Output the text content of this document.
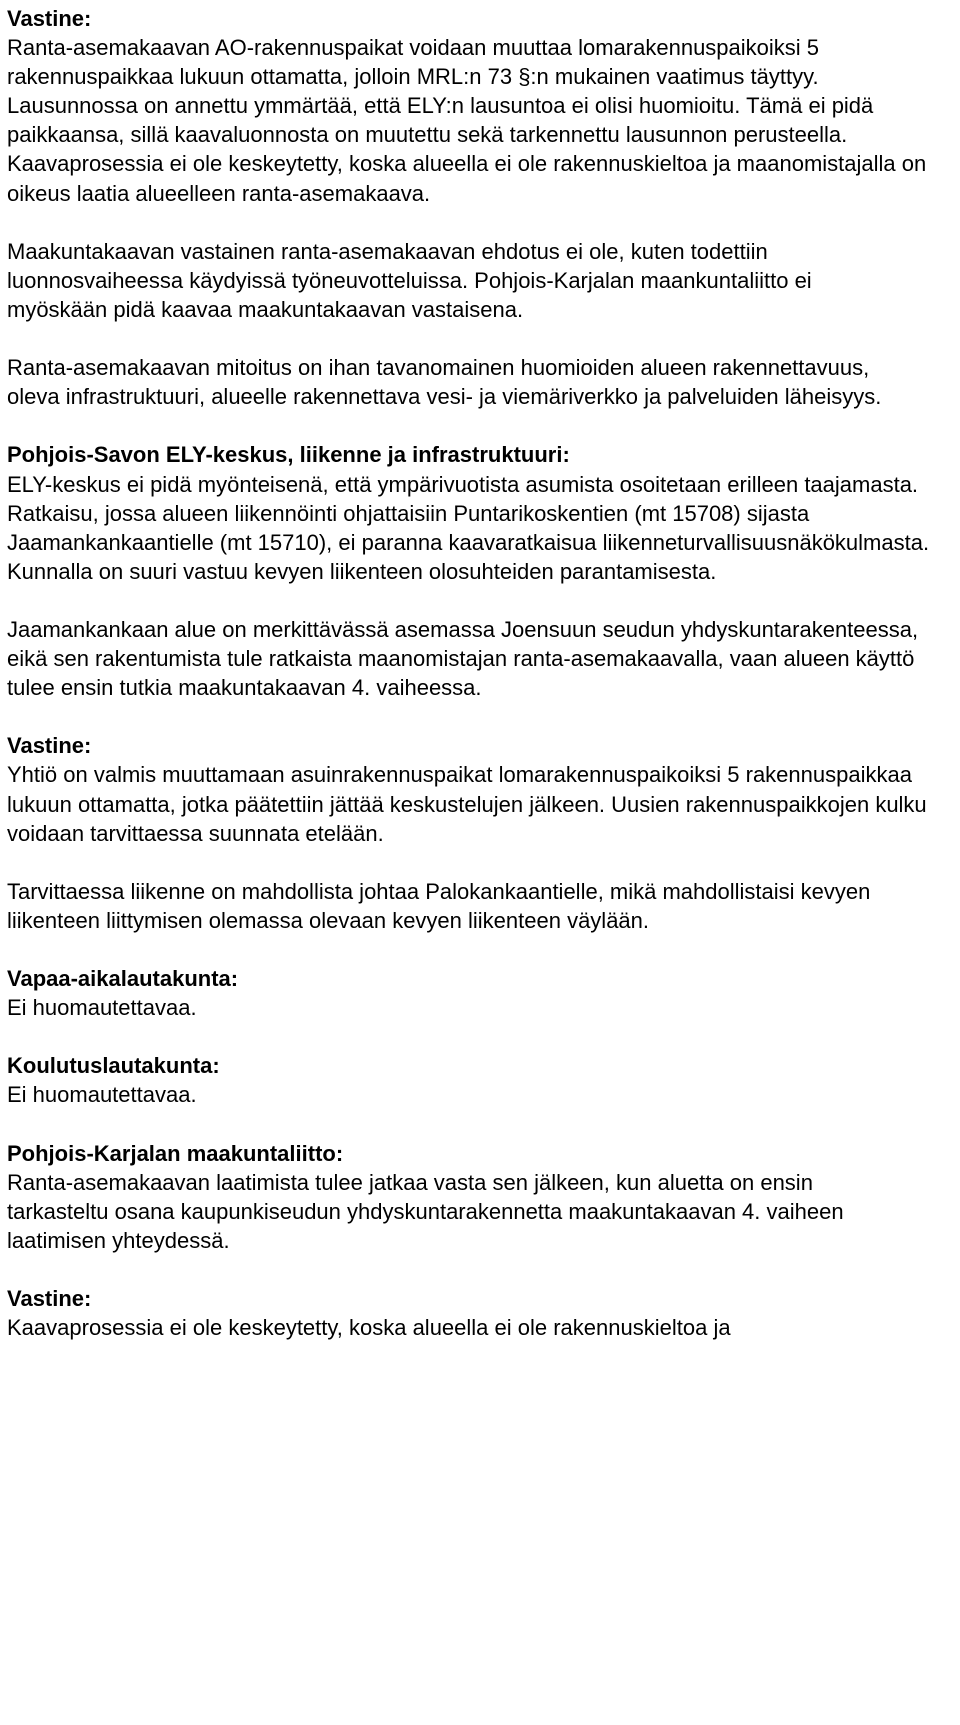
Vastine:
Ranta-asemakaavan AO-rakennuspaikat voidaan muuttaa lomarakennuspaikoiksi 5 rakennuspaikkaa lukuun ottamatta, jolloin MRL:n 73 §:n mukainen vaatimus täyttyy. Lausunnossa on annettu ymmärtää, että ELY:n lausuntoa ei olisi huomioitu. Tämä ei pidä paikkaansa, sillä kaavaluonnosta on muutettu sekä tarkennettu lausunnon perusteella. Kaavaprosessia ei ole keskeytetty, koska alueella ei ole rakennuskieltoa ja maanomistajalla on oikeus laatia alueelleen ranta-asemakaava.
Maakuntakaavan vastainen ranta-asemakaavan ehdotus ei ole, kuten todettiin luonnosvaiheessa käydyissä työneuvotteluissa. Pohjois-Karjalan maankuntaliitto ei myöskään pidä kaavaa maakuntakaavan vastaisena.
Ranta-asemakaavan mitoitus on ihan tavanomainen huomioiden alueen rakennettavuus, oleva infrastruktuuri, alueelle rakennettava vesi- ja viemäriverkko ja palveluiden läheisyys.
Pohjois-Savon ELY-keskus, liikenne ja infrastruktuuri:
ELY-keskus ei pidä myönteisenä, että ympärivuotista asumista osoitetaan erilleen taajamasta. Ratkaisu, jossa alueen liikennöinti ohjattaisiin Puntarikoskentien (mt 15708) sijasta Jaamankankaantielle (mt 15710), ei paranna kaavaratkaisua liikenneturvallisuusnäkökulmasta. Kunnalla on suuri vastuu kevyen liikenteen olosuhteiden parantamisesta.
Jaamankankaan alue on merkittävässä asemassa Joensuun seudun yhdyskuntarakenteessa, eikä sen rakentumista tule ratkaista maanomistajan ranta-asemakaavalla, vaan alueen käyttö tulee ensin tutkia maakuntakaavan 4. vaiheessa.
Vastine:
Yhtiö on valmis muuttamaan asuinrakennuspaikat lomarakennuspaikoiksi 5 rakennuspaikkaa lukuun ottamatta, jotka päätettiin jättää keskustelujen jälkeen. Uusien rakennuspaikkojen kulku voidaan tarvittaessa suunnata etelään.
Tarvittaessa liikenne on mahdollista johtaa Palokankaantielle, mikä mahdollistaisi kevyen liikenteen liittymisen olemassa olevaan kevyen liikenteen väylään.
Vapaa-aikalautakunta:
Ei huomautettavaa.
Koulutuslautakunta:
Ei huomautettavaa.
Pohjois-Karjalan maakuntaliitto:
Ranta-asemakaavan laatimista tulee jatkaa vasta sen jälkeen, kun aluetta on ensin tarkasteltu osana kaupunkiseudun yhdyskuntarakennetta maakuntakaavan 4. vaiheen laatimisen yhteydessä.
Vastine:
Kaavaprosessia ei ole keskeytetty, koska alueella ei ole rakennuskieltoa ja
